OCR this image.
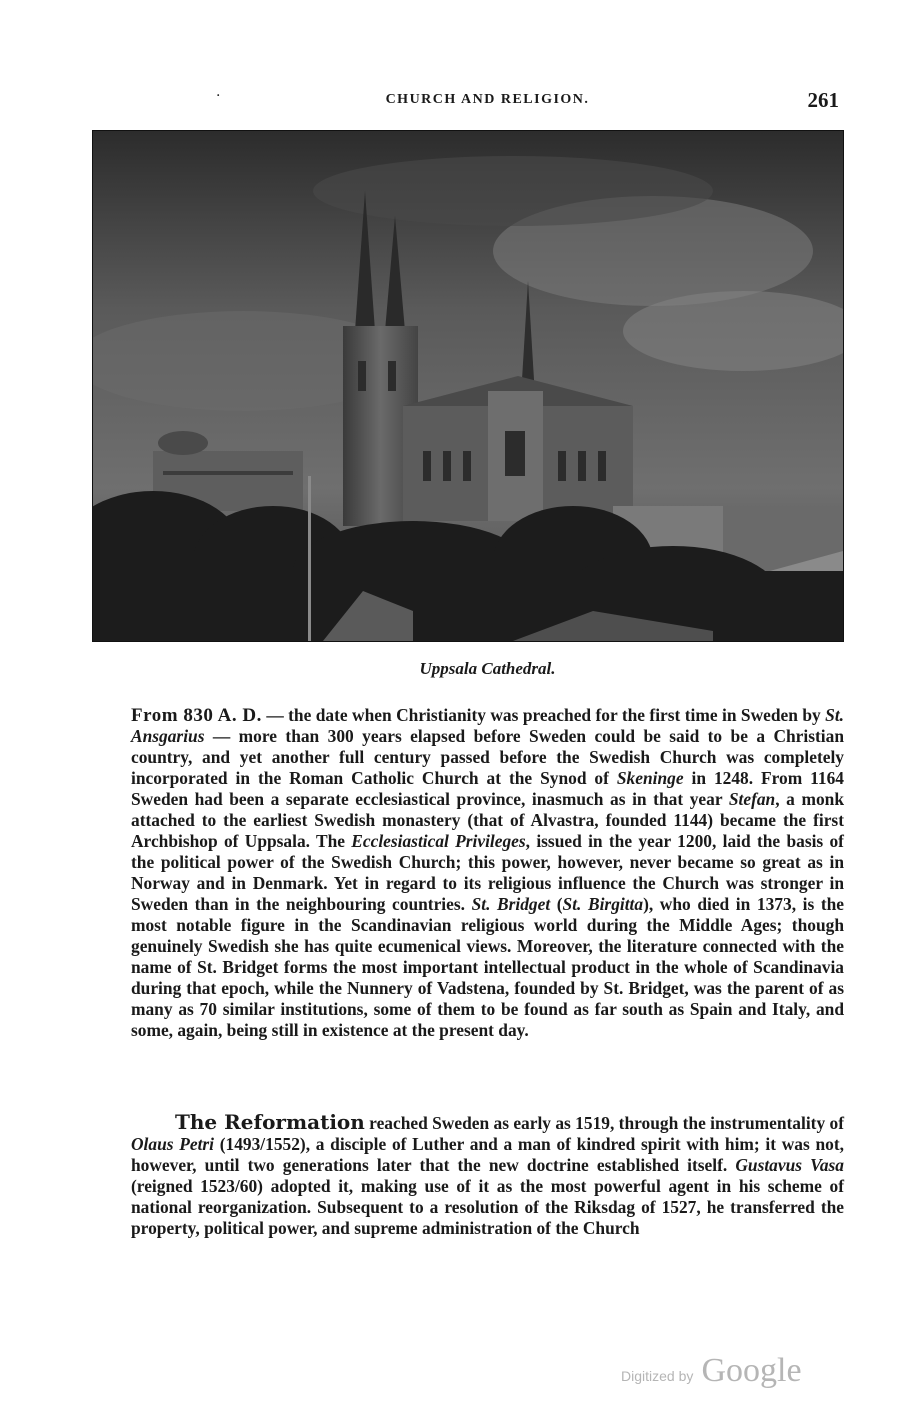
·	CHURCH AND RELIGION.	261
Uppsala Cathedral.

From 830 A. D. — the date when Christianity was preached for the first time in Sweden by St. Ansgarius — more than 300 years elapsed before Sweden could be said to be a Christian country, and yet another full century passed before the Swedish Church was completely incorporated in the Roman Catholic Church at the Synod of Skeninge in 1248. From 1164 Sweden had been a separate ecclesiastical province, inasmuch as in that year Stefan, a monk attached to the earliest Swedish monastery (that of Alvastra, founded 1144) became the first Archbishop of Uppsala. The Ecclesiastical Privileges, issued in the year 1200, laid the basis of the political power of the Swedish Church; this power, however, never became so great as in Norway and in Denmark. Yet in regard to its religious influence the Church was stronger in Sweden than in the neighbouring countries. St. Bridget (St. Birgitta), who died in 1373, is the most notable figure in the Scandinavian religious world during the Middle Ages; though genuinely Swedish she has quite ecumenical views. Moreover, the literature connected with the name of St. Bridget forms the most important intellectual product in the whole of Scandinavia during that epoch, while the Nunnery of Vadstena, founded by St. Bridget, was the parent of as many as 70 similar institutions, some of them to be found as far south as Spain and Italy, and some, again, being still in existence at the present day.

The Reformation reached Sweden as early as 1519, through the instrumentality of Olaus Petri (1493/1552), a disciple of Luther and a man of kindred spirit with him; it was not, however, until two generations later that the new doctrine established itself. Gustavus Vasa (reigned 1523/60) adopted it, making use of it as the most powerful agent in his scheme of national reorganization. Subsequent to a resolution of the Riksdag of 1527, he transferred the property, political power, and supreme administration of the Church

Digitized by Google
